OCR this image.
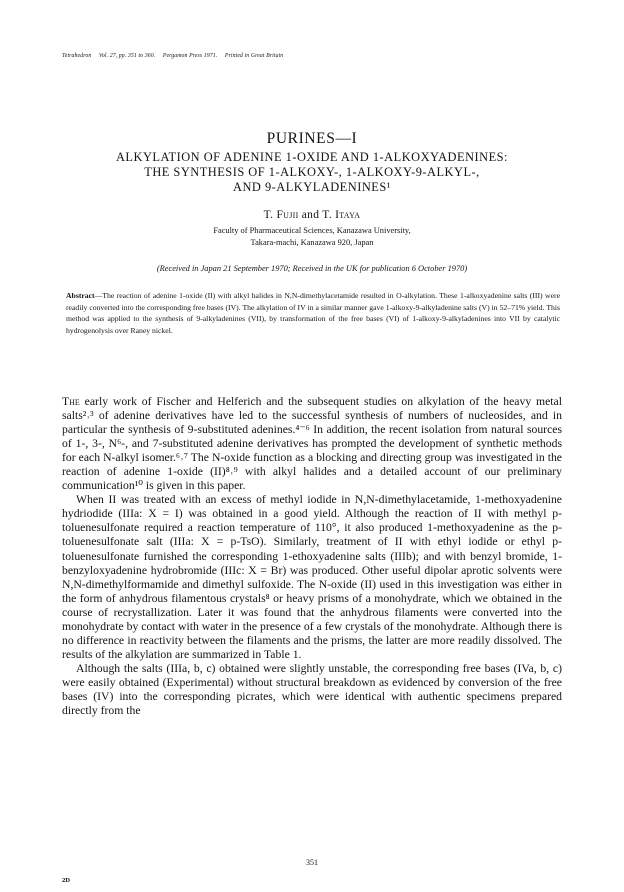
Tetrahedron Vol. 27, pp. 351 to 360. Pergamon Press 1971. Printed in Great Britain
PURINES—I
ALKYLATION OF ADENINE 1-OXIDE AND 1-ALKOXYADENINES:
THE SYNTHESIS OF 1-ALKOXY-, 1-ALKOXY-9-ALKYL-,
AND 9-ALKYLADENINES¹
T. Fujii and T. Itaya
Faculty of Pharmaceutical Sciences, Kanazawa University,
Takara-machi, Kanazawa 920, Japan
(Received in Japan 21 September 1970; Received in the UK for publication 6 October 1970)
Abstract—The reaction of adenine 1-oxide (II) with alkyl halides in N,N-dimethylacetamide resulted in O-alkylation. These 1-alkoxyadenine salts (III) were readily converted into the corresponding free bases (IV). The alkylation of IV in a similar manner gave 1-alkoxy-9-alkyladenine salts (V) in 52–71% yield. This method was applied to the synthesis of 9-alkyladenines (VII), by transformation of the free bases (VI) of 1-alkoxy-9-alkyladenines into VII by catalytic hydrogenolysis over Raney nickel.

The early work of Fischer and Helferich and the subsequent studies on alkylation of the heavy metal salts²˒³ of adenine derivatives have led to the successful synthesis of numbers of nucleosides, and in particular the synthesis of 9-substituted adenines.⁴⁻⁶ In addition, the recent isolation from natural sources of 1-, 3-, N⁶-, and 7-substituted adenine derivatives has prompted the development of synthetic methods for each N-alkyl isomer.⁶˒⁷ The N-oxide function as a blocking and directing group was investigated in the reaction of adenine 1-oxide (II)⁸˒⁹ with alkyl halides and a detailed account of our preliminary communication¹⁰ is given in this paper.

When II was treated with an excess of methyl iodide in N,N-dimethylacetamide, 1-methoxyadenine hydriodide (IIIa: X = I) was obtained in a good yield. Although the reaction of II with methyl p-toluenesulfonate required a reaction temperature of 110°, it also produced 1-methoxyadenine as the p-toluenesulfonate salt (IIIa: X = p-TsO). Similarly, treatment of II with ethyl iodide or ethyl p-toluenesulfonate furnished the corresponding 1-ethoxyadenine salts (IIIb); and with benzyl bromide, 1-benzyloxyadenine hydrobromide (IIIc: X = Br) was produced. Other useful dipolar aprotic solvents were N,N-dimethylformamide and dimethyl sulfoxide. The N-oxide (II) used in this investigation was either in the form of anhydrous filamentous crystals⁸ or heavy prisms of a monohydrate, which we obtained in the course of recrystallization. Later it was found that the anhydrous filaments were converted into the monohydrate by contact with water in the presence of a few crystals of the monohydrate. Although there is no difference in reactivity between the filaments and the prisms, the latter are more readily dissolved. The results of the alkylation are summarized in Table 1.

Although the salts (IIIa, b, c) obtained were slightly unstable, the corresponding free bases (IVa, b, c) were easily obtained (Experimental) without structural breakdown as evidenced by conversion of the free bases (IV) into the corresponding picrates, which were identical with authentic specimens prepared directly from the

351
2D
